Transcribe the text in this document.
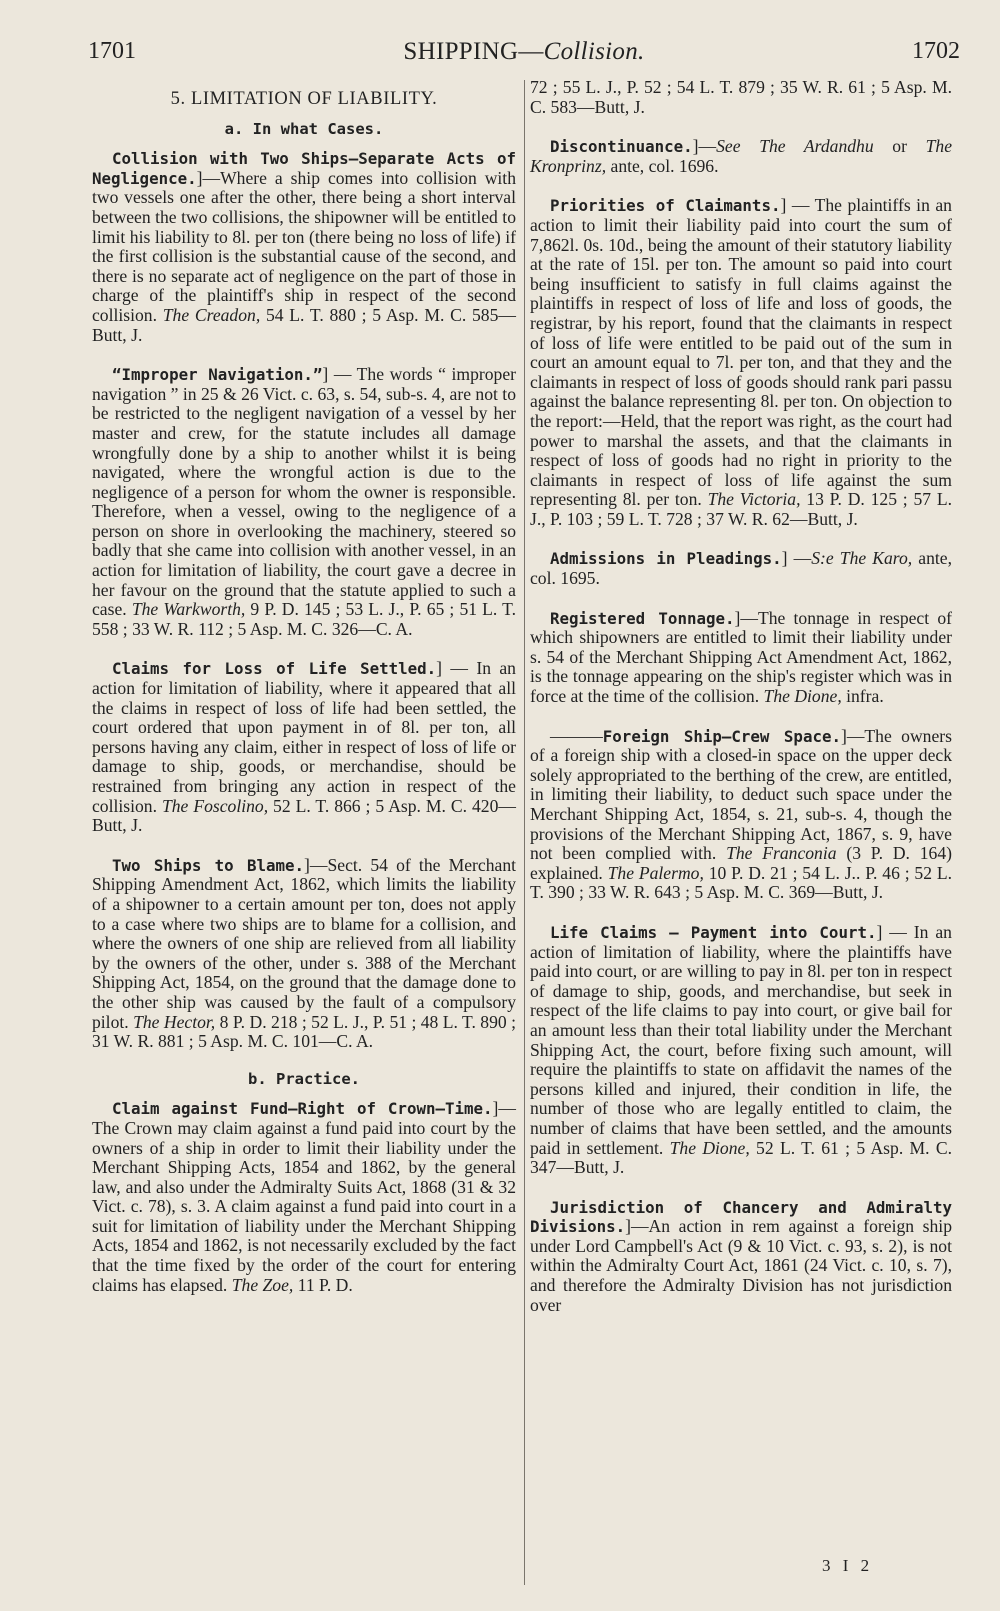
1701	SHIPPING—Collision.	1702
5. LIMITATION OF LIABILITY.
a. In what Cases.

Collision with Two Ships—Separate Acts of Negligence.]—Where a ship comes into collision with two vessels one after the other, there being a short interval between the two collisions, the shipowner will be entitled to limit his liability to 8l. per ton (there being no loss of life) if the first collision is the substantial cause of the second, and there is no separate act of negligence on the part of those in charge of the plaintiff's ship in respect of the second collision. The Creadon, 54 L. T. 880 ; 5 Asp. M. C. 585—Butt, J.

“Improper Navigation.”] — The words “ improper navigation ” in 25 & 26 Vict. c. 63, s. 54, sub-s. 4, are not to be restricted to the negligent navigation of a vessel by her master and crew, for the statute includes all damage wrongfully done by a ship to another whilst it is being navigated, where the wrongful action is due to the negligence of a person for whom the owner is responsible. Therefore, when a vessel, owing to the negligence of a person on shore in overlooking the machinery, steered so badly that she came into collision with another vessel, in an action for limitation of liability, the court gave a decree in her favour on the ground that the statute applied to such a case. The Warkworth, 9 P. D. 145 ; 53 L. J., P. 65 ; 51 L. T. 558 ; 33 W. R. 112 ; 5 Asp. M. C. 326—C. A.

Claims for Loss of Life Settled.] — In an action for limitation of liability, where it appeared that all the claims in respect of loss of life had been settled, the court ordered that upon payment in of 8l. per ton, all persons having any claim, either in respect of loss of life or damage to ship, goods, or merchandise, should be restrained from bringing any action in respect of the collision. The Foscolino, 52 L. T. 866 ; 5 Asp. M. C. 420—Butt, J.

Two Ships to Blame.]—Sect. 54 of the Merchant Shipping Amendment Act, 1862, which limits the liability of a shipowner to a certain amount per ton, does not apply to a case where two ships are to blame for a collision, and where the owners of one ship are relieved from all liability by the owners of the other, under s. 388 of the Merchant Shipping Act, 1854, on the ground that the damage done to the other ship was caused by the fault of a compulsory pilot. The Hector, 8 P. D. 218 ; 52 L. J., P. 51 ; 48 L. T. 890 ; 31 W. R. 881 ; 5 Asp. M. C. 101—C. A.

b. Practice.

Claim against Fund—Right of Crown—Time.]—The Crown may claim against a fund paid into court by the owners of a ship in order to limit their liability under the Merchant Shipping Acts, 1854 and 1862, by the general law, and also under the Admiralty Suits Act, 1868 (31 & 32 Vict. c. 78), s. 3. A claim against a fund paid into court in a suit for limitation of liability under the Merchant Shipping Acts, 1854 and 1862, is not necessarily excluded by the fact that the time fixed by the order of the court for entering claims has elapsed. The Zoe, 11 P. D.

72 ; 55 L. J., P. 52 ; 54 L. T. 879 ; 35 W. R. 61 ; 5 Asp. M. C. 583—Butt, J.

Discontinuance.]—See The Ardandhu or The Kronprinz, ante, col. 1696.

Priorities of Claimants.] — The plaintiffs in an action to limit their liability paid into court the sum of 7,862l. 0s. 10d., being the amount of their statutory liability at the rate of 15l. per ton. The amount so paid into court being insufficient to satisfy in full claims against the plaintiffs in respect of loss of life and loss of goods, the registrar, by his report, found that the claimants in respect of loss of life were entitled to be paid out of the sum in court an amount equal to 7l. per ton, and that they and the claimants in respect of loss of goods should rank pari passu against the balance representing 8l. per ton. On objection to the report:—Held, that the report was right, as the court had power to marshal the assets, and that the claimants in respect of loss of goods had no right in priority to the claimants in respect of loss of life against the sum representing 8l. per ton. The Victoria, 13 P. D. 125 ; 57 L. J., P. 103 ; 59 L. T. 728 ; 37 W. R. 62—Butt, J.

Admissions in Pleadings.] —S:e The Karo, ante, col. 1695.

Registered Tonnage.]—The tonnage in respect of which shipowners are entitled to limit their liability under s. 54 of the Merchant Shipping Act Amendment Act, 1862, is the tonnage appearing on the ship's register which was in force at the time of the collision. The Dione, infra.

———Foreign Ship—Crew Space.]—The owners of a foreign ship with a closed-in space on the upper deck solely appropriated to the berthing of the crew, are entitled, in limiting their liability, to deduct such space under the Merchant Shipping Act, 1854, s. 21, sub-s. 4, though the provisions of the Merchant Shipping Act, 1867, s. 9, have not been complied with. The Franconia (3 P. D. 164) explained. The Palermo, 10 P. D. 21 ; 54 L. J.. P. 46 ; 52 L. T. 390 ; 33 W. R. 643 ; 5 Asp. M. C. 369—Butt, J.

Life Claims — Payment into Court.] — In an action of limitation of liability, where the plaintiffs have paid into court, or are willing to pay in 8l. per ton in respect of damage to ship, goods, and merchandise, but seek in respect of the life claims to pay into court, or give bail for an amount less than their total liability under the Merchant Shipping Act, the court, before fixing such amount, will require the plaintiffs to state on affidavit the names of the persons killed and injured, their condition in life, the number of those who are legally entitled to claim, the number of claims that have been settled, and the amounts paid in settlement. The Dione, 52 L. T. 61 ; 5 Asp. M. C. 347—Butt, J.

Jurisdiction of Chancery and Admiralty Divisions.]—An action in rem against a foreign ship under Lord Campbell's Act (9 & 10 Vict. c. 93, s. 2), is not within the Admiralty Court Act, 1861 (24 Vict. c. 10, s. 7), and therefore the Admiralty Division has not jurisdiction over

3 I 2
